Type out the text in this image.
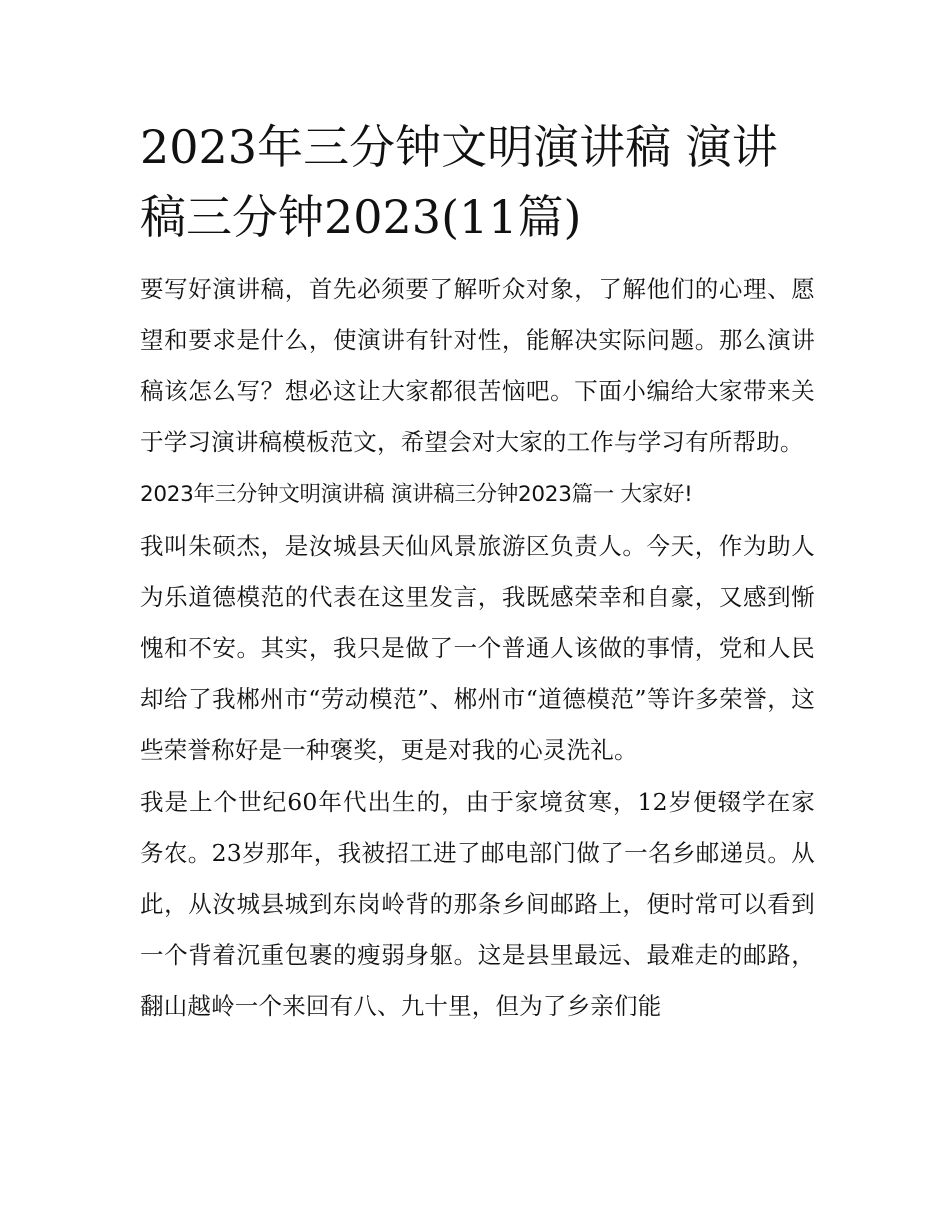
2023年三分钟文明演讲稿 演讲稿三分钟2023(11篇)

要写好演讲稿，首先必须要了解听众对象，了解他们的心理、愿望和要求是什么，使演讲有针对性，能解决实际问题。那么演讲稿该怎么写？想必这让大家都很苦恼吧。下面小编给大家带来关于学习演讲稿模板范文，希望会对大家的工作与学习有所帮助。

2023年三分钟文明演讲稿 演讲稿三分钟2023篇一 大家好!

我叫朱硕杰，是汝城县天仙风景旅游区负责人。今天，作为助人为乐道德模范的代表在这里发言，我既感荣幸和自豪，又感到惭愧和不安。其实，我只是做了一个普通人该做的事情，党和人民却给了我郴州市“劳动模范”、郴州市“道德模范”等许多荣誉，这些荣誉称好是一种褒奖，更是对我的心灵洗礼。

我是上个世纪60年代出生的，由于家境贫寒，12岁便辍学在家务农。23岁那年，我被招工进了邮电部门做了一名乡邮递员。从此，从汝城县城到东岗岭背的那条乡间邮路上，便时常可以看到一个背着沉重包裹的瘦弱身躯。这是县里最远、最难走的邮路，翻山越岭一个来回有八、九十里，但为了乡亲们能
